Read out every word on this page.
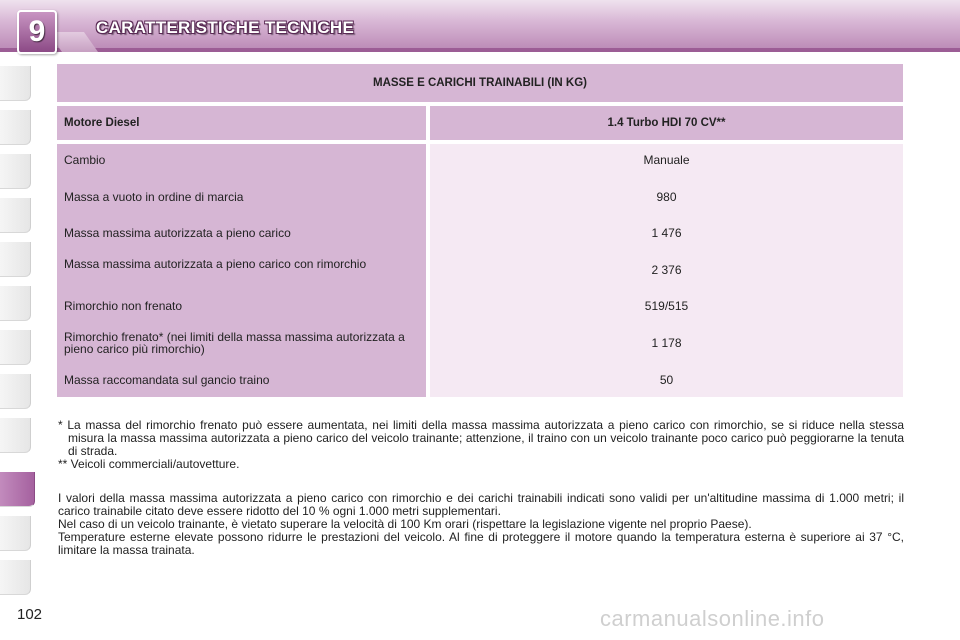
9	CARATTERISTICHE TECNICHE
MASSE E CARICHI TRAINABILI (IN KG)
Motore Diesel	1.4 Turbo HDI 70 CV**
Cambio	Manuale
Massa a vuoto in ordine di marcia	980
Massa massima autorizzata a pieno carico	1 476
Massa massima autorizzata a pieno carico con rimorchio	2 376
Rimorchio non frenato	519/515
Rimorchio frenato* (nei limiti della massa massima autorizzata a pieno carico più rimorchio)	1 178
Massa raccomandata sul gancio traino	50

* La massa del rimorchio frenato può essere aumentata, nei limiti della massa massima autorizzata a pieno carico con rimorchio, se si riduce nella stessa misura la massa massima autorizzata a pieno carico del veicolo trainante; attenzione, il traino con un veicolo trainante poco carico può peggiorarne la tenuta di strada.

** Veicoli commerciali/autovetture.

I valori della massa massima autorizzata a pieno carico con rimorchio e dei carichi trainabili indicati sono validi per un'altitudine massima di 1.000 metri; il carico trainabile citato deve essere ridotto del 10 % ogni 1.000 metri supplementari.

Nel caso di un veicolo trainante, è vietato superare la velocità di 100 Km orari (rispettare la legislazione vigente nel proprio Paese).

Temperature esterne elevate possono ridurre le prestazioni del veicolo. Al fine di proteggere il motore quando la temperatura esterna è superiore ai 37 °C, limitare la massa trainata.

102	carmanualsonline.info
